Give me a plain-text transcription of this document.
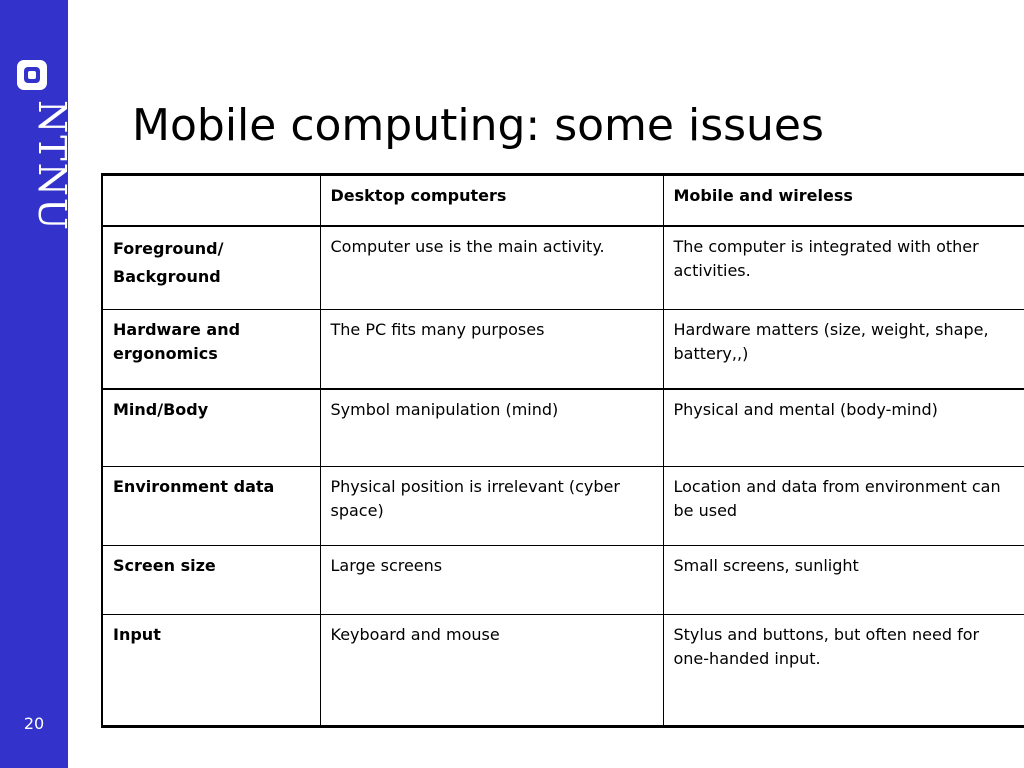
NTNU
20
Mobile computing: some issues
	Desktop computers	Mobile and wireless

Foreground/
Background	Computer use is the main activity.	The computer is integrated with other activities.
Hardware and ergonomics	The PC fits many purposes	Hardware matters (size, weight, shape, battery,,)
Mind/Body	Symbol manipulation (mind)	Physical and mental (body-mind)
Environment data	Physical position is irrelevant (cyber space)	Location and data from environment can be used
Screen size	Large screens	Small screens, sunlight
Input	Keyboard and mouse	Stylus and buttons, but often need for one-handed input.
